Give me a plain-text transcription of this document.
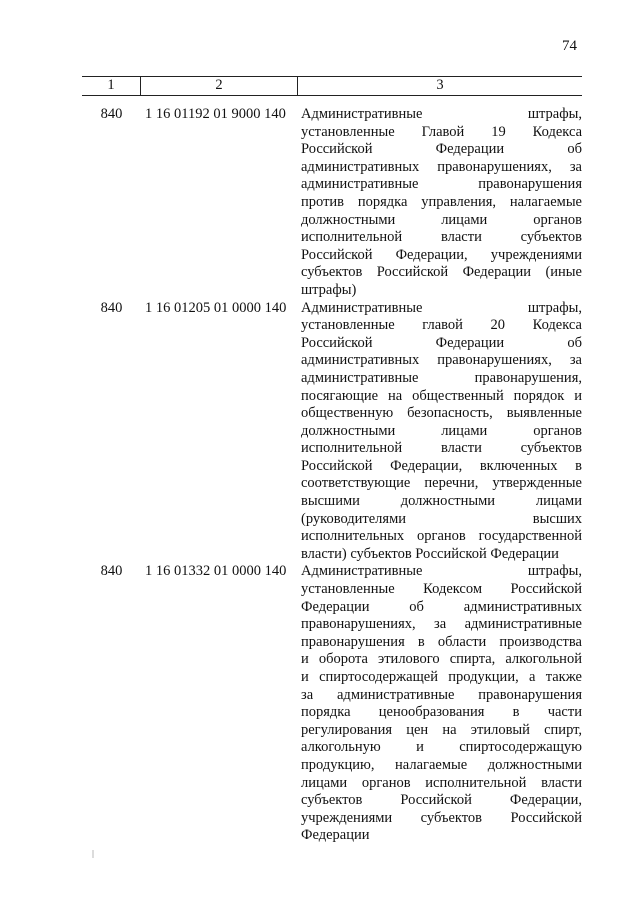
74
1	2	3
840	1 16 01192 01 9000 140	Административные	штрафы,
установленные Главой 19 Кодекса
Российской	Федерации	об
административных правонарушениях, за
административные	правонарушения
против порядка управления, налагаемые
должностными	лицами	органов
исполнительной	власти	субъектов
Российской Федерации, учреждениями
субъектов Российской Федерации (иные
штрафы)
840	1 16 01205 01 0000 140	Административные	штрафы,
установленные главой 20 Кодекса
Российской	Федерации	об
административных правонарушениях, за
административные	правонарушения,
посягающие на общественный порядок и
общественную безопасность, выявленные
должностными	лицами	органов
исполнительной	власти	субъектов
Российской Федерации, включенных в
соответствующие перечни, утвержденные
высшими	должностными	лицами
(руководителями	высших
исполнительных органов государственной
власти) субъектов Российской Федерации
840	1 16 01332 01 0000 140	Административные	штрафы,
установленные Кодексом Российской
Федерации	об	административных
правонарушениях, за административные
правонарушения в области производства
и оборота этилового спирта, алкогольной
и спиртосодержащей продукции, а также
за административные правонарушения
порядка ценообразования в части
регулирования цен на этиловый спирт,
алкогольную и спиртосодержащую
продукцию, налагаемые должностными
лицами органов исполнительной власти
субъектов	Российской	Федерации,
учреждениями субъектов Российской
Федерации
